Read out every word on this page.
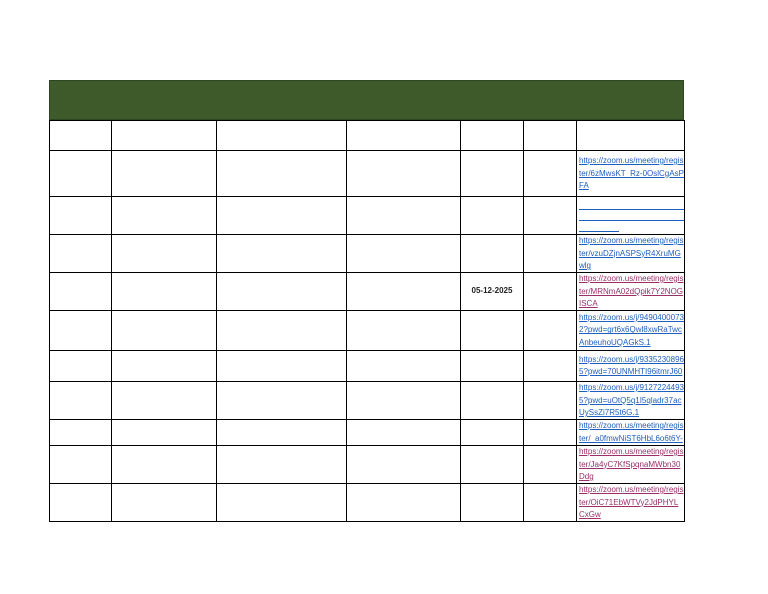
						https://zoom.us/meeting/register/6zMwsKT_Rz-0OslCgAsPFA

						https://zoom.us/meeting/register/vzuDZjnASPSyR4XruMGwlg

				05-12-2025		https://zoom.us/meeting/register/MRNmA02dQpik7Y2NOGISCA

						https://zoom.us/j/94904000732?pwd=grt6x6Qwl8xwRaTwcAnbeuhoUQAGkS.1

						https://zoom.us/j/93352308965?pwd=70UNMHTI96itmrJ60

						https://zoom.us/j/91272244935?pwd=uOtQ5q1I5qladr37acUySsZi7R5t6G.1

						https://zoom.us/meeting/register/_a0fmwNiST6HbL6o6t6Y-

						https://zoom.us/meeting/register/Ja4yC7KfSpqnaMWbn30Ddg

						https://zoom.us/meeting/register/OiC71EbWTVy2JdPHYLCxGw
